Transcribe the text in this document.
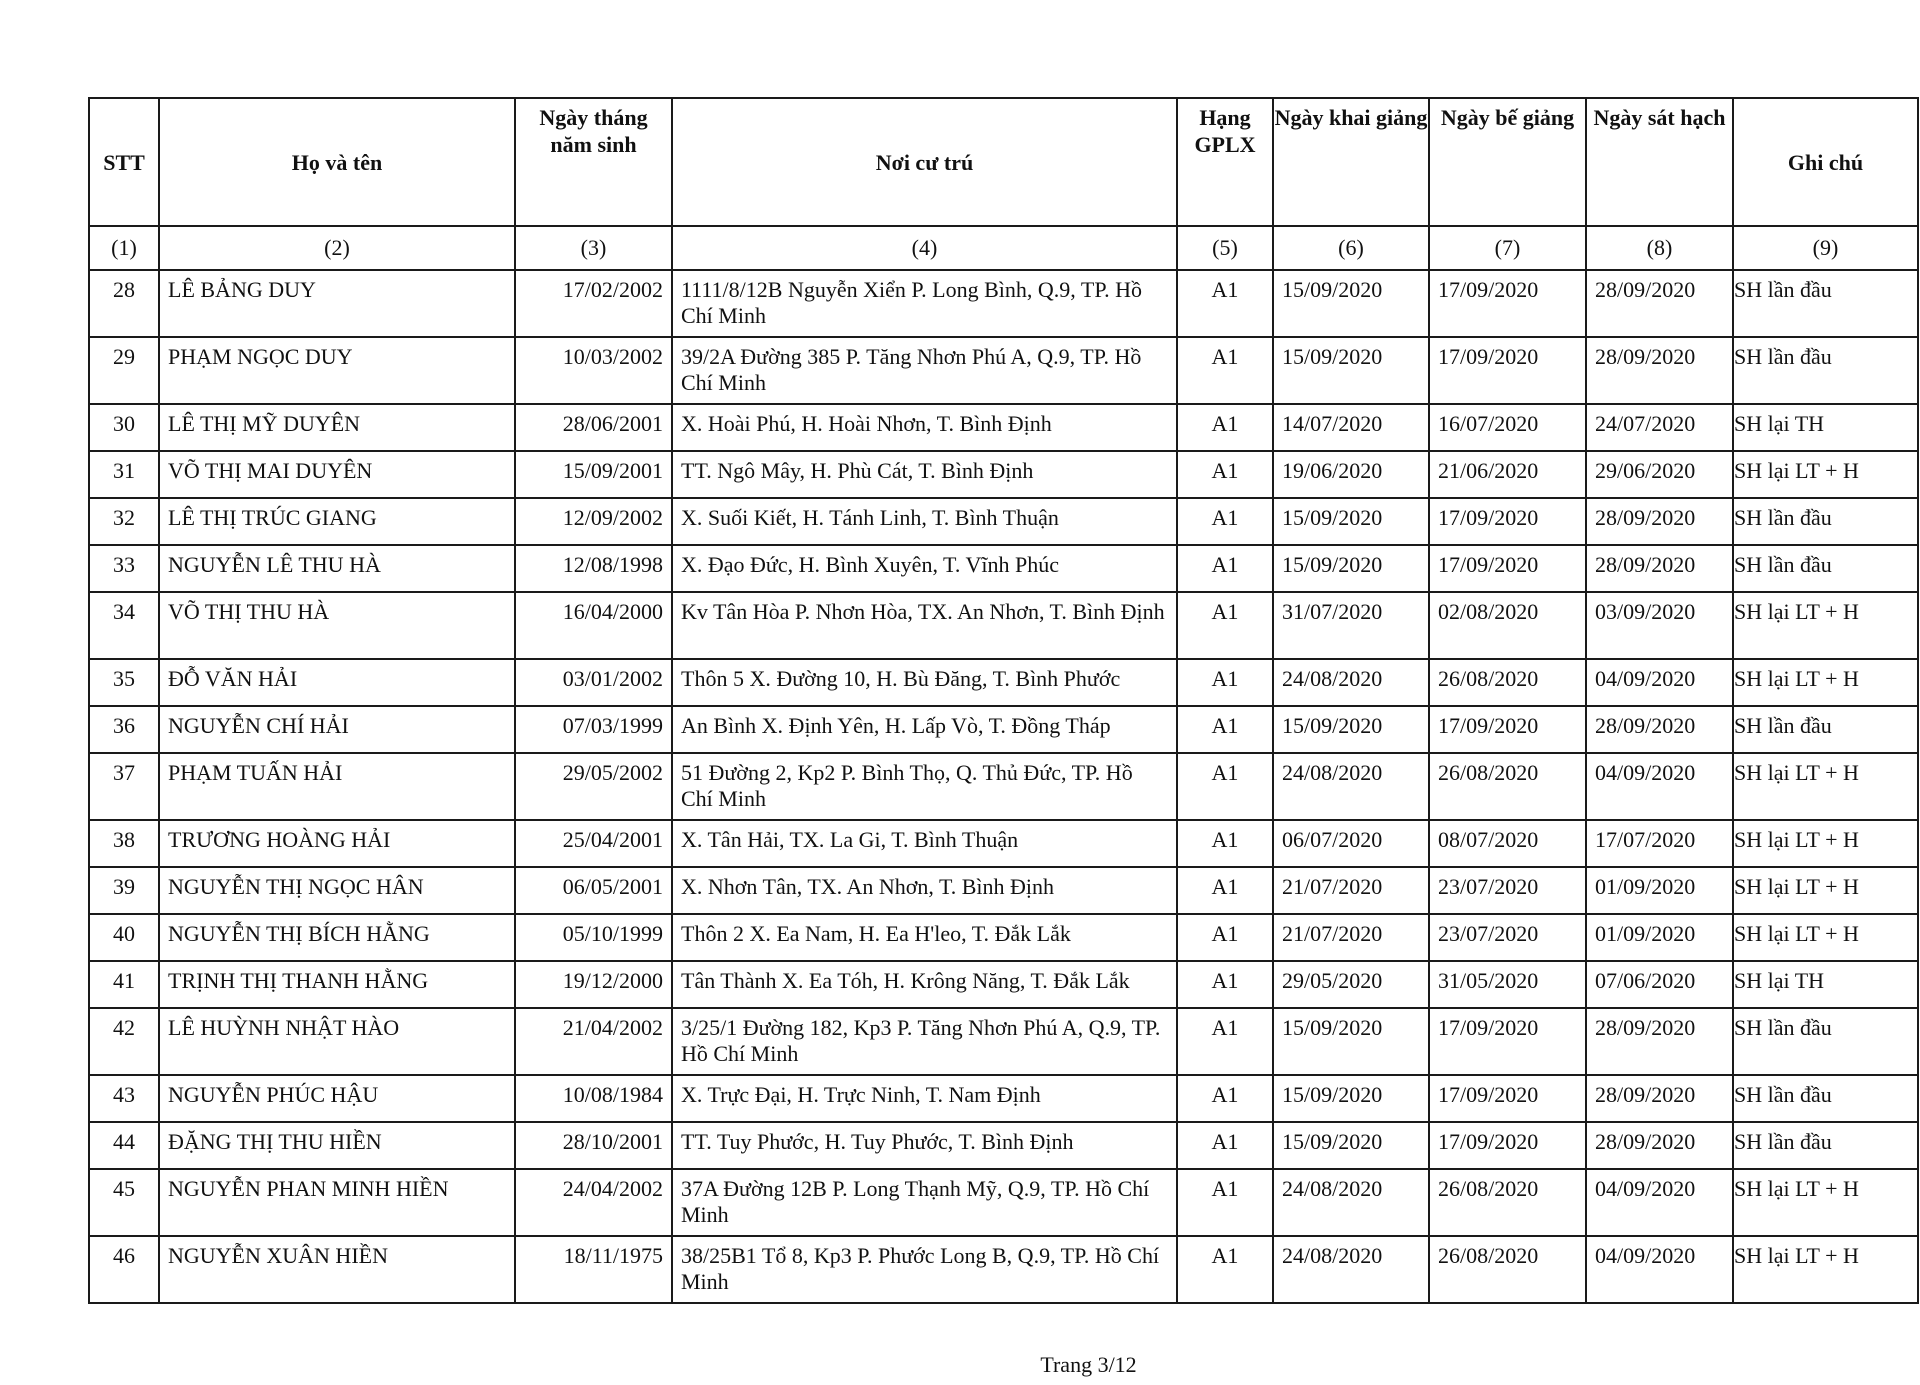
STT	Họ và tên	Ngày tháng năm sinh	Nơi cư trú	Hạng GPLX	Ngày khai giảng	Ngày bế giảng	Ngày sát hạch	Ghi chú
(1)	(2)	(3)	(4)	(5)	(6)	(7)	(8)	(9)
28	LÊ BẢNG DUY	17/02/2002	1111/8/12B Nguyễn Xiển P. Long Bình, Q.9, TP. Hồ Chí Minh	A1	15/09/2020	17/09/2020	28/09/2020	SH lần đầu
29	PHẠM NGỌC DUY	10/03/2002	39/2A Đường 385 P. Tăng Nhơn Phú A, Q.9, TP. Hồ Chí Minh	A1	15/09/2020	17/09/2020	28/09/2020	SH lần đầu
30	LÊ THỊ MỸ DUYÊN	28/06/2001	X. Hoài Phú, H. Hoài Nhơn, T. Bình Định	A1	14/07/2020	16/07/2020	24/07/2020	SH lại TH
31	VÕ THỊ MAI DUYÊN	15/09/2001	TT. Ngô Mây, H. Phù Cát, T. Bình Định	A1	19/06/2020	21/06/2020	29/06/2020	SH lại LT + H
32	LÊ THỊ TRÚC GIANG	12/09/2002	X. Suối Kiết, H. Tánh Linh, T. Bình Thuận	A1	15/09/2020	17/09/2020	28/09/2020	SH lần đầu
33	NGUYỄN LÊ THU HÀ	12/08/1998	X. Đạo Đức, H. Bình Xuyên, T. Vĩnh Phúc	A1	15/09/2020	17/09/2020	28/09/2020	SH lần đầu
34	VÕ THỊ THU HÀ	16/04/2000	Kv Tân Hòa P. Nhơn Hòa, TX. An Nhơn, T. Bình Định	A1	31/07/2020	02/08/2020	03/09/2020	SH lại LT + H
35	ĐỖ VĂN HẢI	03/01/2002	Thôn 5 X. Đường 10, H. Bù Đăng, T. Bình Phước	A1	24/08/2020	26/08/2020	04/09/2020	SH lại LT + H
36	NGUYỄN CHÍ HẢI	07/03/1999	An Bình X. Định Yên, H. Lấp Vò, T. Đồng Tháp	A1	15/09/2020	17/09/2020	28/09/2020	SH lần đầu
37	PHẠM TUẤN HẢI	29/05/2002	51 Đường 2, Kp2 P. Bình Thọ, Q. Thủ Đức, TP. Hồ Chí Minh	A1	24/08/2020	26/08/2020	04/09/2020	SH lại LT + H
38	TRƯƠNG HOÀNG HẢI	25/04/2001	X. Tân Hải, TX. La Gi, T. Bình Thuận	A1	06/07/2020	08/07/2020	17/07/2020	SH lại LT + H
39	NGUYỄN THỊ NGỌC HÂN	06/05/2001	X. Nhơn Tân, TX. An Nhơn, T. Bình Định	A1	21/07/2020	23/07/2020	01/09/2020	SH lại LT + H
40	NGUYỄN THỊ BÍCH HẰNG	05/10/1999	Thôn 2 X. Ea Nam, H. Ea H'leo, T. Đắk Lắk	A1	21/07/2020	23/07/2020	01/09/2020	SH lại LT + H
41	TRỊNH THỊ THANH HẰNG	19/12/2000	Tân Thành X. Ea Tóh, H. Krông Năng, T. Đắk Lắk	A1	29/05/2020	31/05/2020	07/06/2020	SH lại TH
42	LÊ HUỲNH NHẬT HÀO	21/04/2002	3/25/1 Đường 182, Kp3 P. Tăng Nhơn Phú A, Q.9, TP. Hồ Chí Minh	A1	15/09/2020	17/09/2020	28/09/2020	SH lần đầu
43	NGUYỄN PHÚC HẬU	10/08/1984	X. Trực Đại, H. Trực Ninh, T. Nam Định	A1	15/09/2020	17/09/2020	28/09/2020	SH lần đầu
44	ĐẶNG THỊ THU HIỀN	28/10/2001	TT. Tuy Phước, H. Tuy Phước, T. Bình Định	A1	15/09/2020	17/09/2020	28/09/2020	SH lần đầu
45	NGUYỄN PHAN MINH HIỀN	24/04/2002	37A Đường 12B P. Long Thạnh Mỹ, Q.9, TP. Hồ Chí Minh	A1	24/08/2020	26/08/2020	04/09/2020	SH lại LT + H
46	NGUYỄN XUÂN HIỀN	18/11/1975	38/25B1 Tổ 8, Kp3 P. Phước Long B, Q.9, TP. Hồ Chí Minh	A1	24/08/2020	26/08/2020	04/09/2020	SH lại LT + H
Trang 3/12
